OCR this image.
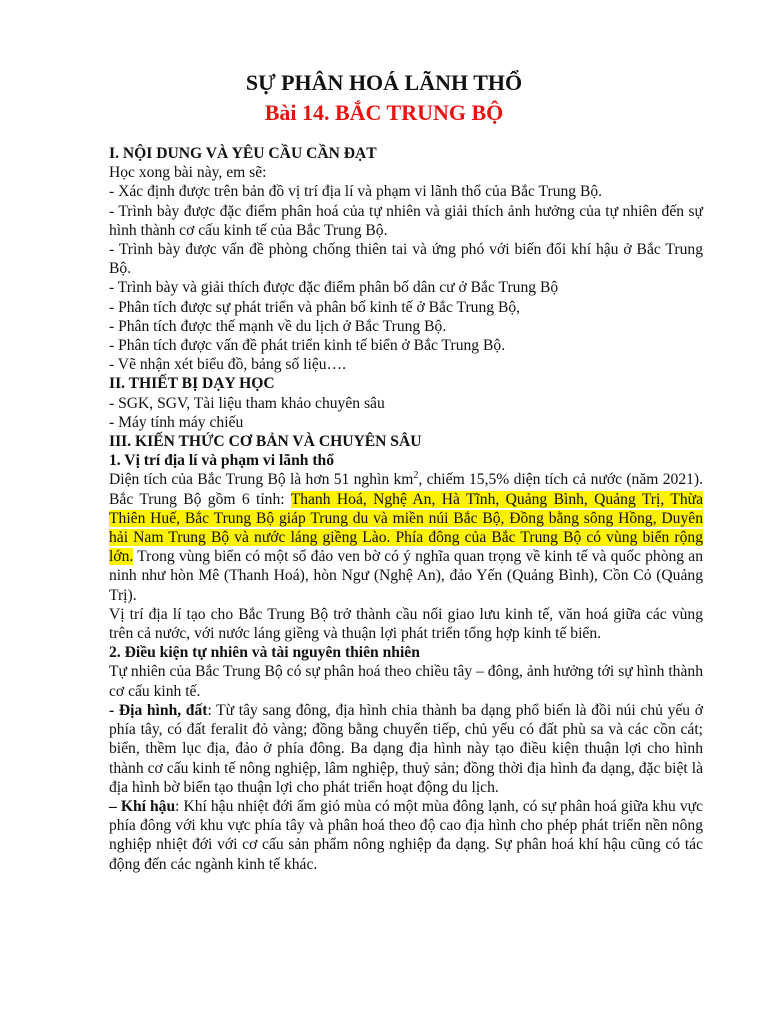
SỰ PHÂN HOÁ LÃNH THỔ
Bài 14. BẮC TRUNG BỘ

I. NỘI DUNG VÀ YÊU CẦU CẦN ĐẠT

Học xong bài này, em sẽ:

- Xác định được trên bản đồ vị trí địa lí và phạm vi lãnh thổ của Bắc Trung Bộ.

- Trình bày được đặc điểm phân hoá của tự nhiên và giải thích ảnh hưởng của tự nhiên đến sự hình thành cơ cấu kinh tế của Bắc Trung Bộ.

- Trình bày được vấn đề phòng chống thiên tai và ứng phó với biến đổi khí hậu ở Bắc Trung Bộ.

- Trình bày và giải thích được đặc điểm phân bố dân cư ở Bắc Trung Bộ

- Phân tích được sự phát triển và phân bố kinh tế ở Bắc Trung Bộ,

- Phân tích được thế mạnh về du lịch ở Bắc Trung Bộ.

- Phân tích được vấn đề phát triển kinh tế biển ở Bắc Trung Bộ.

- Vẽ nhận xét biểu đồ, bảng số liệu….

II. THIẾT BỊ DẠY HỌC

- SGK, SGV, Tài liệu tham khảo chuyên sâu

- Máy tính máy chiếu

III. KIẾN THỨC CƠ BẢN VÀ CHUYÊN SÂU

1. Vị trí địa lí và phạm vi lãnh thổ

Diện tích của Bắc Trung Bộ là hơn 51 nghìn $km^2$, chiếm 15,5% diện tích cả nước (năm 2021). Bắc Trung Bộ gồm 6 tỉnh: Thanh Hoá, Nghệ An, Hà Tĩnh, Quảng Bình, Quảng Trị, Thừa Thiên Huế, Bắc Trung Bộ giáp Trung du và miền núi Bắc Bộ, Đồng bằng sông Hồng, Duyên hải Nam Trung Bộ và nước láng giềng Lào. Phía đông của Bắc Trung Bộ có vùng biển rộng lớn. Trong vùng biển có một số đảo ven bờ có ý nghĩa quan trọng về kinh tế và quốc phòng an ninh như hòn Mê (Thanh Hoá), hòn Ngư (Nghệ An), đảo Yến (Quảng Bình), Cồn Cỏ (Quảng Trị).

Vị trí địa lí tạo cho Bắc Trung Bộ trở thành cầu nối giao lưu kinh tế, văn hoá giữa các vùng trên cả nước, với nước láng giềng và thuận lợi phát triển tổng hợp kinh tế biển.

2. Điều kiện tự nhiên và tài nguyên thiên nhiên

Tự nhiên của Bắc Trung Bộ có sự phân hoá theo chiều tây – đông, ảnh hưởng tới sự hình thành cơ cấu kinh tế.

- Địa hình, đất: Từ tây sang đông, địa hình chia thành ba dạng phổ biến là đồi núi chủ yếu ở phía tây, có đất feralit đỏ vàng; đồng bằng chuyển tiếp, chủ yếu có đất phù sa và các cồn cát; biển, thềm lục địa, đảo ở phía đông. Ba dạng địa hình này tạo điều kiện thuận lợi cho hình thành cơ cấu kinh tế nông nghiệp, lâm nghiệp, thuỷ sản; đồng thời địa hình đa dạng, đặc biệt là địa hình bờ biển tạo thuận lợi cho phát triển hoạt động du lịch.

– Khí hậu: Khí hậu nhiệt đới ẩm gió mùa có một mùa đông lạnh, có sự phân hoá giữa khu vực phía đông với khu vực phía tây và phân hoá theo độ cao địa hình cho phép phát triển nền nông nghiệp nhiệt đới với cơ cấu sản phẩm nông nghiệp đa dạng. Sự phân hoá khí hậu cũng có tác động đến các ngành kinh tế khác.
